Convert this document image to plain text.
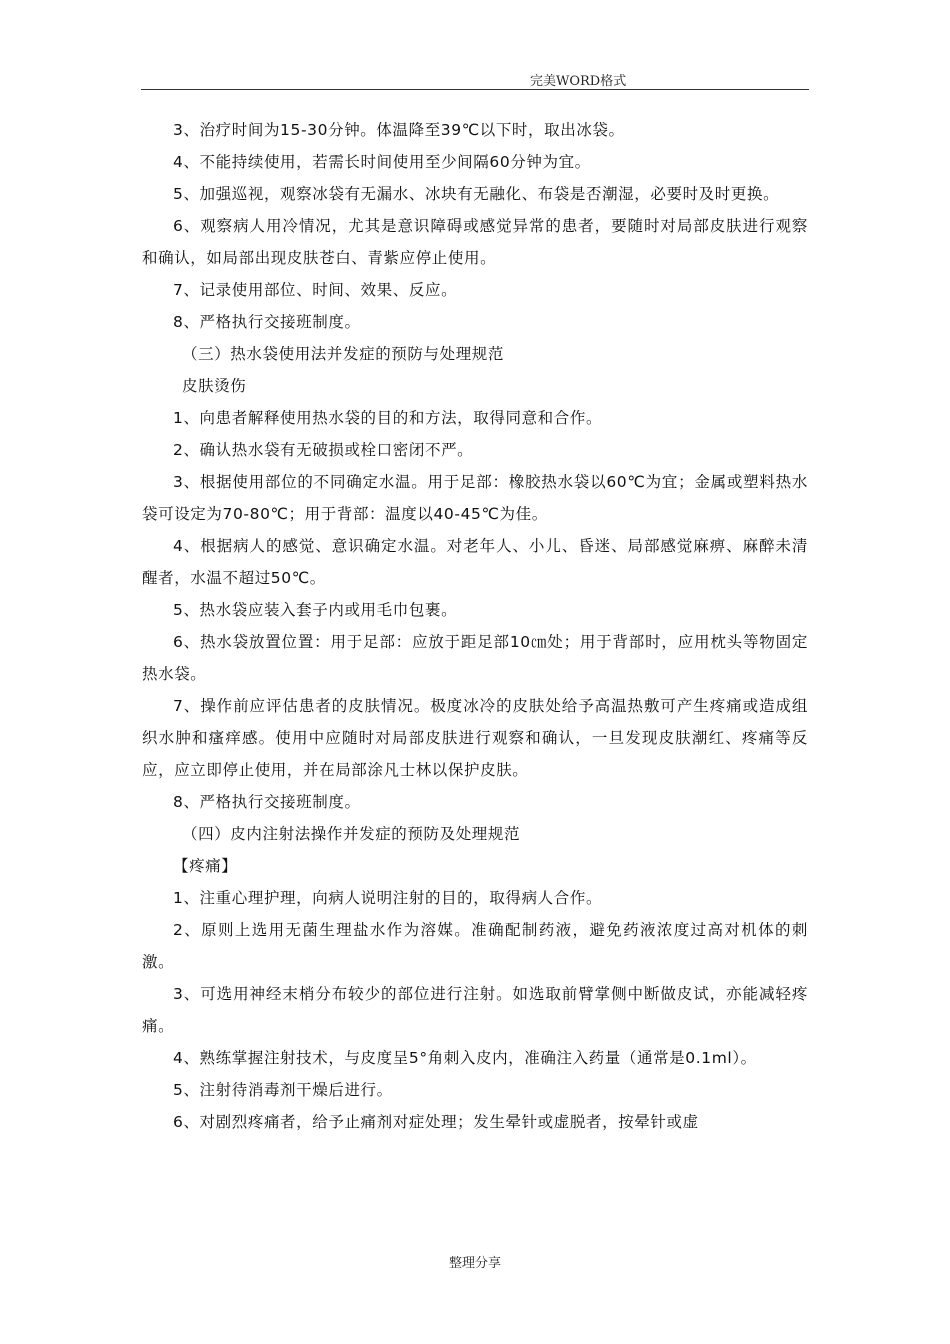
完美WORD格式

3、治疗时间为15-30分钟。体温降至39℃以下时，取出冰袋。

4、不能持续使用，若需长时间使用至少间隔60分钟为宜。

5、加强巡视，观察冰袋有无漏水、冰块有无融化、布袋是否潮湿，必要时及时更换。

6、观察病人用冷情况，尤其是意识障碍或感觉异常的患者，要随时对局部皮肤进行观察和确认，如局部出现皮肤苍白、青紫应停止使用。

7、记录使用部位、时间、效果、反应。

8、严格执行交接班制度。

（三）热水袋使用法并发症的预防与处理规范

皮肤烫伤

1、向患者解释使用热水袋的目的和方法，取得同意和合作。

2、确认热水袋有无破损或栓口密闭不严。

3、根据使用部位的不同确定水温。用于足部：橡胶热水袋以60℃为宜；金属或塑料热水袋可设定为70-80℃；用于背部：温度以40-45℃为佳。

4、根据病人的感觉、意识确定水温。对老年人、小儿、昏迷、局部感觉麻痹、麻醉未清醒者，水温不超过50℃。

5、热水袋应装入套子内或用毛巾包裹。

6、热水袋放置位置：用于足部：应放于距足部10㎝处；用于背部时，应用枕头等物固定热水袋。

7、操作前应评估患者的皮肤情况。极度冰冷的皮肤处给予高温热敷可产生疼痛或造成组织水肿和瘙痒感。使用中应随时对局部皮肤进行观察和确认，一旦发现皮肤潮红、疼痛等反应，应立即停止使用，并在局部涂凡士林以保护皮肤。

8、严格执行交接班制度。

（四）皮内注射法操作并发症的预防及处理规范

【疼痛】

1、注重心理护理，向病人说明注射的目的，取得病人合作。

2、原则上选用无菌生理盐水作为溶媒。准确配制药液，避免药液浓度过高对机体的刺激。

3、可选用神经末梢分布较少的部位进行注射。如选取前臂掌侧中断做皮试，亦能减轻疼痛。

4、熟练掌握注射技术，与皮度呈5°角刺入皮内，准确注入药量（通常是0.1ml）。

5、注射待消毒剂干燥后进行。

6、对剧烈疼痛者，给予止痛剂对症处理；发生晕针或虚脱者，按晕针或虚

整理分享
